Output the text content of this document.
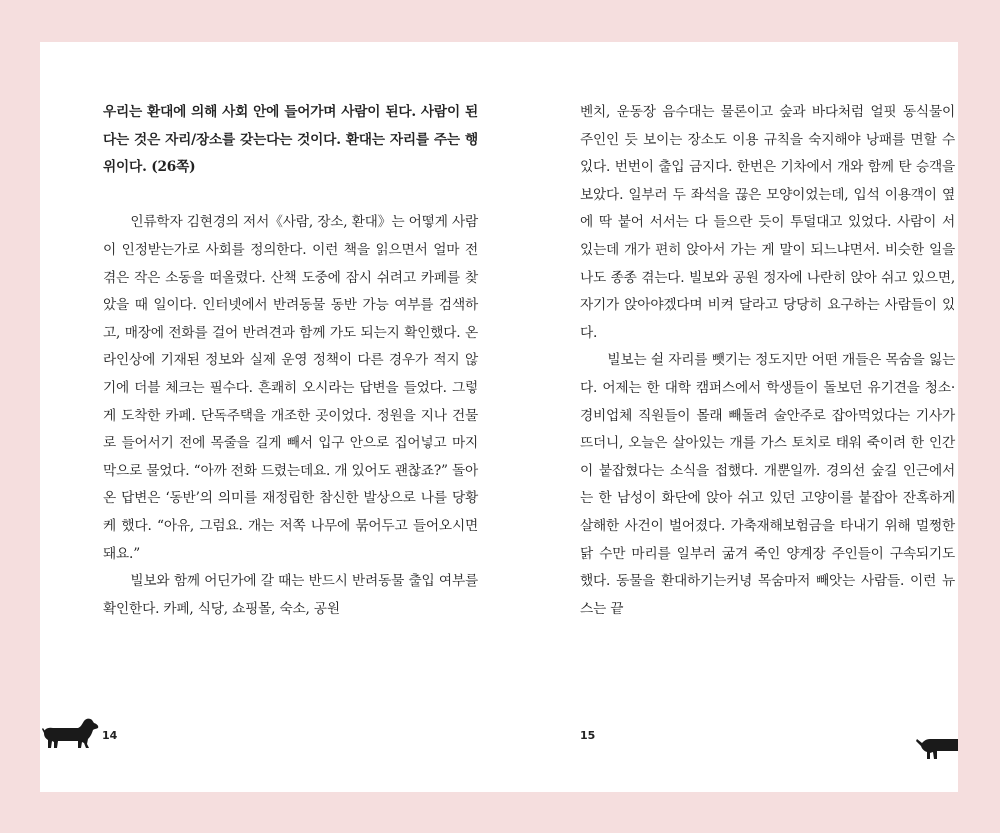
우리는 환대에 의해 사회 안에 들어가며 사람이 된다. 사람이 된다는 것은 자리/장소를 갖는다는 것이다. 환대는 자리를 주는 행위이다. (26쪽)

인류학자 김현경의 저서《사람, 장소, 환대》는 어떻게 사람이 인정받는가로 사회를 정의한다. 이런 책을 읽으면서 얼마 전 겪은 작은 소동을 떠올렸다. 산책 도중에 잠시 쉬려고 카페를 찾았을 때 일이다. 인터넷에서 반려동물 동반 가능 여부를 검색하고, 매장에 전화를 걸어 반려견과 함께 가도 되는지 확인했다. 온라인상에 기재된 정보와 실제 운영 정책이 다른 경우가 적지 않기에 더블 체크는 필수다. 흔쾌히 오시라는 답변을 들었다. 그렇게 도착한 카페. 단독주택을 개조한 곳이었다. 정원을 지나 건물로 들어서기 전에 목줄을 길게 빼서 입구 안으로 집어넣고 마지막으로 물었다. “아까 전화 드렸는데요. 개 있어도 괜찮죠?” 돌아온 답변은 ‘동반’의 의미를 재정립한 참신한 발상으로 나를 당황케 했다. “아유, 그럼요. 개는 저쪽 나무에 묶어두고 들어오시면 돼요.”

빌보와 함께 어딘가에 갈 때는 반드시 반려동물 출입 여부를 확인한다. 카페, 식당, 쇼핑몰, 숙소, 공원

14

벤치, 운동장 음수대는 물론이고 숲과 바다처럼 얼핏 동식물이 주인인 듯 보이는 장소도 이용 규칙을 숙지해야 낭패를 면할 수 있다. 번번이 출입 금지다. 한번은 기차에서 개와 함께 탄 승객을 보았다. 일부러 두 좌석을 끊은 모양이었는데, 입석 이용객이 옆에 딱 붙어 서서는 다 들으란 듯이 투덜대고 있었다. 사람이 서 있는데 개가 편히 앉아서 가는 게 말이 되느냐면서. 비슷한 일을 나도 종종 겪는다. 빌보와 공원 정자에 나란히 앉아 쉬고 있으면, 자기가 앉아야겠다며 비켜 달라고 당당히 요구하는 사람들이 있다.

빌보는 쉴 자리를 뺏기는 정도지만 어떤 개들은 목숨을 잃는다. 어제는 한 대학 캠퍼스에서 학생들이 돌보던 유기견을 청소·경비업체 직원들이 몰래 빼돌려 술안주로 잡아먹었다는 기사가 뜨더니, 오늘은 살아있는 개를 가스 토치로 태워 죽이려 한 인간이 붙잡혔다는 소식을 접했다. 개뿐일까. 경의선 숲길 인근에서는 한 남성이 화단에 앉아 쉬고 있던 고양이를 붙잡아 잔혹하게 살해한 사건이 벌어졌다. 가축재해보험금을 타내기 위해 멀쩡한 닭 수만 마리를 일부러 굶겨 죽인 양계장 주인들이 구속되기도 했다. 동물을 환대하기는커녕 목숨마저 빼앗는 사람들. 이런 뉴스는 끝

15
